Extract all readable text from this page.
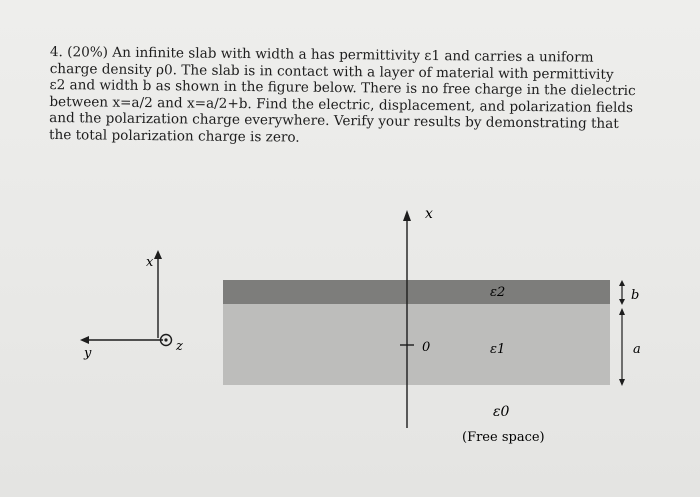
4. (20%) An infinite slab with width a has permittivity ε1 and carries a uniform
charge density ρ0. The slab is in contact with a layer of material with permittivity
ε2 and width b as shown in the figure below. There is no free charge in the dielectric
between x=a/2 and x=a/2+b. Find the electric, displacement, and polarization fields
and the polarization charge everywhere. Verify your results by demonstrating that
the total polarization charge is zero.
x
y	z
x
0
ε2
ε1
ε0
(Free space)
b
a
